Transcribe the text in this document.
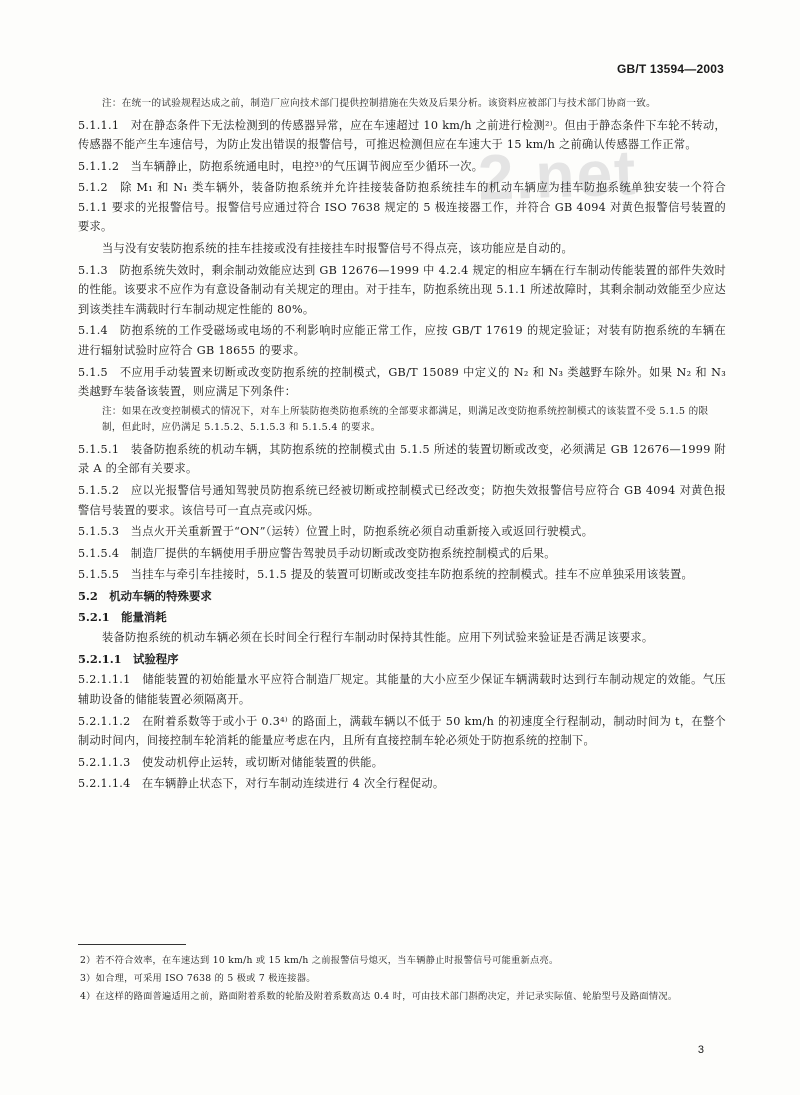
GB/T 13594—2003
2.net

注：在统一的试验规程达成之前，制造厂应向技术部门提供控制措施在失效及后果分析。该资料应被部门与技术部门协商一致。

5.1.1.1　对在静态条件下无法检测到的传感器异常，应在车速超过 10 km/h 之前进行检测²⁾。但由于静态条件下车轮不转动，传感器不能产生车速信号，为防止发出错误的报警信号，可推迟检测但应在车速大于 15 km/h 之前确认传感器工作正常。

5.1.1.2　当车辆静止，防抱系统通电时，电控³⁾的气压调节阀应至少循环一次。

5.1.2　除 M₁ 和 N₁ 类车辆外，装备防抱系统并允许挂接装备防抱系统挂车的机动车辆应为挂车防抱系统单独安装一个符合 5.1.1 要求的光报警信号。报警信号应通过符合 ISO 7638 规定的 5 极连接器工作，并符合 GB 4094 对黄色报警信号装置的要求。

当与没有安装防抱系统的挂车挂接或没有挂接挂车时报警信号不得点亮，该功能应是自动的。

5.1.3　防抱系统失效时，剩余制动效能应达到 GB 12676—1999 中 4.2.4 规定的相应车辆在行车制动传能装置的部件失效时的性能。该要求不应作为有意设备制动有关规定的理由。对于挂车，防抱系统出现 5.1.1 所述故障时，其剩余制动效能至少应达到该类挂车满载时行车制动规定性能的 80%。

5.1.4　防抱系统的工作受磁场或电场的不利影响时应能正常工作，应按 GB/T 17619 的规定验证；对装有防抱系统的车辆在进行辐射试验时应符合 GB 18655 的要求。

5.1.5　不应用手动装置来切断或改变防抱系统的控制模式，GB/T 15089 中定义的 N₂ 和 N₃ 类越野车除外。如果 N₂ 和 N₃ 类越野车装备该装置，则应满足下列条件：

注：如果在改变控制模式的情况下，对车上所装防抱类防抱系统的全部要求都满足，则满足改变防抱系统控制模式的该装置不受 5.1.5 的限制，但此时，应仍满足 5.1.5.2、5.1.5.3 和 5.1.5.4 的要求。

5.1.5.1　装备防抱系统的机动车辆，其防抱系统的控制模式由 5.1.5 所述的装置切断或改变，必须满足 GB 12676—1999 附录 A 的全部有关要求。

5.1.5.2　应以光报警信号通知驾驶员防抱系统已经被切断或控制模式已经改变；防抱失效报警信号应符合 GB 4094 对黄色报警信号装置的要求。该信号可一直点亮或闪烁。

5.1.5.3　当点火开关重新置于“ON”（运转）位置上时，防抱系统必须自动重新接入或返回行驶模式。

5.1.5.4　制造厂提供的车辆使用手册应警告驾驶员手动切断或改变防抱系统控制模式的后果。

5.1.5.5　当挂车与牵引车挂接时，5.1.5 提及的装置可切断或改变挂车防抱系统的控制模式。挂车不应单独采用该装置。

5.2　机动车辆的特殊要求

5.2.1　能量消耗

装备防抱系统的机动车辆必须在长时间全行程行车制动时保持其性能。应用下列试验来验证是否满足该要求。

5.2.1.1　试验程序

5.2.1.1.1　储能装置的初始能量水平应符合制造厂规定。其能量的大小应至少保证车辆满载时达到行车制动规定的效能。气压辅助设备的储能装置必须隔离开。

5.2.1.1.2　在附着系数等于或小于 0.3⁴⁾ 的路面上，满载车辆以不低于 50 km/h 的初速度全行程制动，制动时间为 t，在整个制动时间内，间接控制车轮消耗的能量应考虑在内，且所有直接控制车轮必须处于防抱系统的控制下。

5.2.1.1.3　使发动机停止运转，或切断对储能装置的供能。

5.2.1.1.4　在车辆静止状态下，对行车制动连续进行 4 次全行程促动。

2）若不符合效率，在车速达到 10 km/h 或 15 km/h 之前报警信号熄灭，当车辆静止时报警信号可能重新点亮。

3）如合理，可采用 ISO 7638 的 5 极或 7 极连接器。

4）在这样的路面普遍适用之前，路面附着系数的轮胎及附着系数高达 0.4 时，可由技术部门斟酌决定，并记录实际值、轮胎型号及路面情况。

3
